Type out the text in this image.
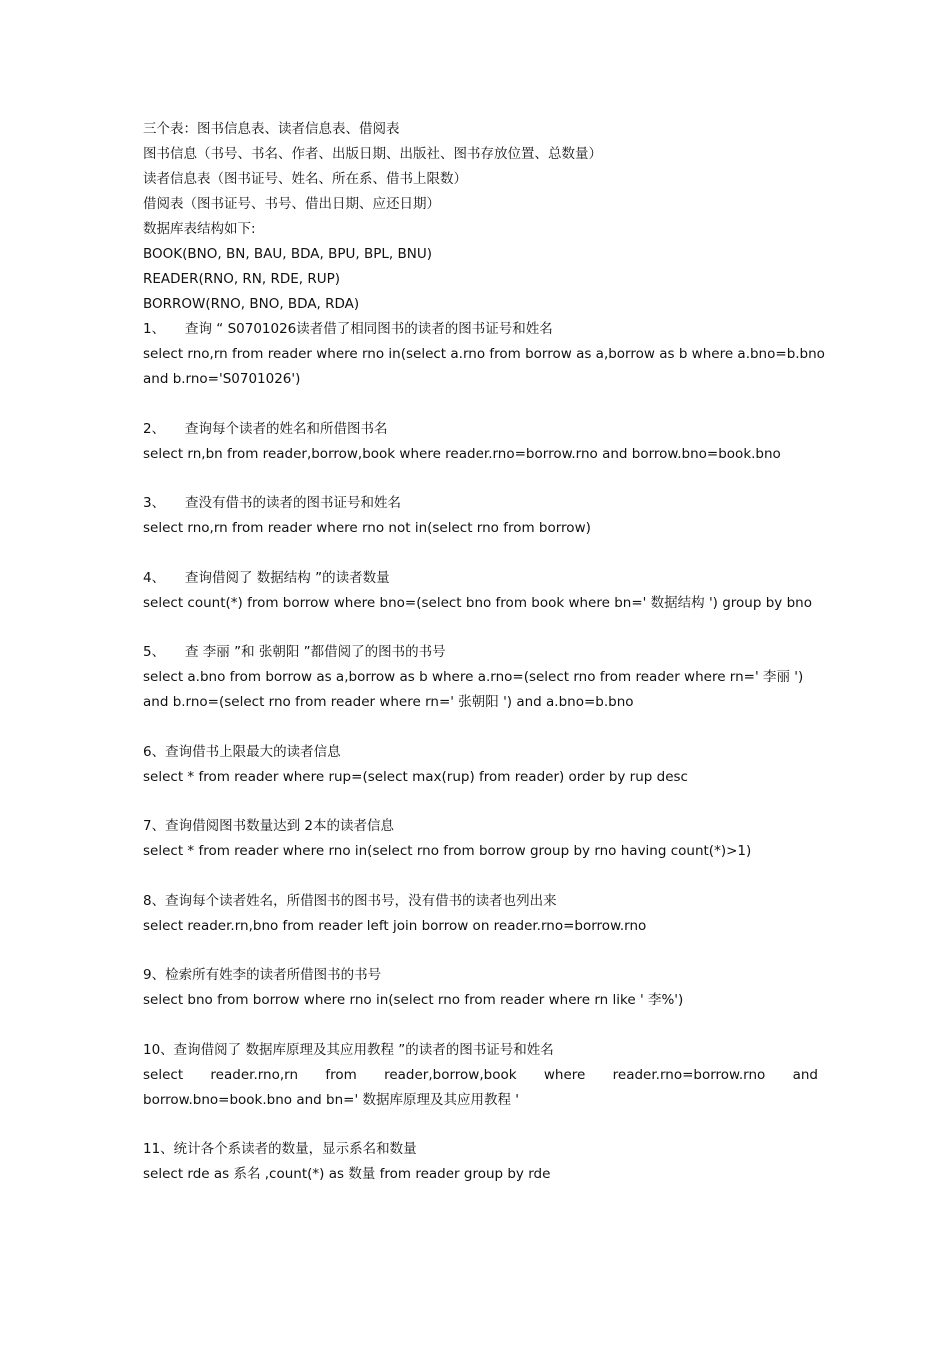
三个表：图书信息表、读者信息表、借阅表
图书信息（书号、书名、作者、出版日期、出版社、图书存放位置、总数量）
读者信息表（图书证号、姓名、所在系、借书上限数）
借阅表（图书证号、书号、借出日期、应还日期）
数据库表结构如下:
BOOK(BNO, BN, BAU, BDA, BPU, BPL, BNU)
READER(RNO, RN, RDE, RUP)
BORROW(RNO, BNO, BDA, RDA)
1、 查询 “ S0701026读者借了相同图书的读者的图书证号和姓名
select rno,rn from reader where rno in(select a.rno from borrow as a,borrow as b where a.bno=b.bno
and b.rno='S0701026')
2、 查询每个读者的姓名和所借图书名
select rn,bn from reader,borrow,book where reader.rno=borrow.rno and borrow.bno=book.bno
3、 查没有借书的读者的图书证号和姓名
select rno,rn from reader where rno not in(select rno from borrow)
4、 查询借阅了 数据结构 ”的读者数量
select count(*) from borrow where bno=(select bno from book where bn=' 数据结构 ') group by bno
5、 查 李丽 ”和 张朝阳 ”都借阅了的图书的书号
select a.bno from borrow as a,borrow as b where a.rno=(select rno from reader where rn=' 李丽 ')
and b.rno=(select rno from reader where rn=' 张朝阳 ') and a.bno=b.bno
6、查询借书上限最大的读者信息
select * from reader where rup=(select max(rup) from reader) order by rup desc
7、查询借阅图书数量达到 2本的读者信息
select * from reader where rno in(select rno from borrow group by rno having count(*)>1)
8、查询每个读者姓名，所借图书的图书号，没有借书的读者也列出来
select reader.rn,bno from reader left join borrow on reader.rno=borrow.rno
9、检索所有姓李的读者所借图书的书号
select bno from borrow where rno in(select rno from reader where rn like ' 李%')
10、查询借阅了 数据库原理及其应用教程 ”的读者的图书证号和姓名
select reader.rno,rn from reader,borrow,book where reader.rno=borrow.rno and
borrow.bno=book.bno and bn=' 数据库原理及其应用教程 '
11、统计各个系读者的数量，显示系名和数量
select rde as 系名 ,count(*) as 数量 from reader group by rde
